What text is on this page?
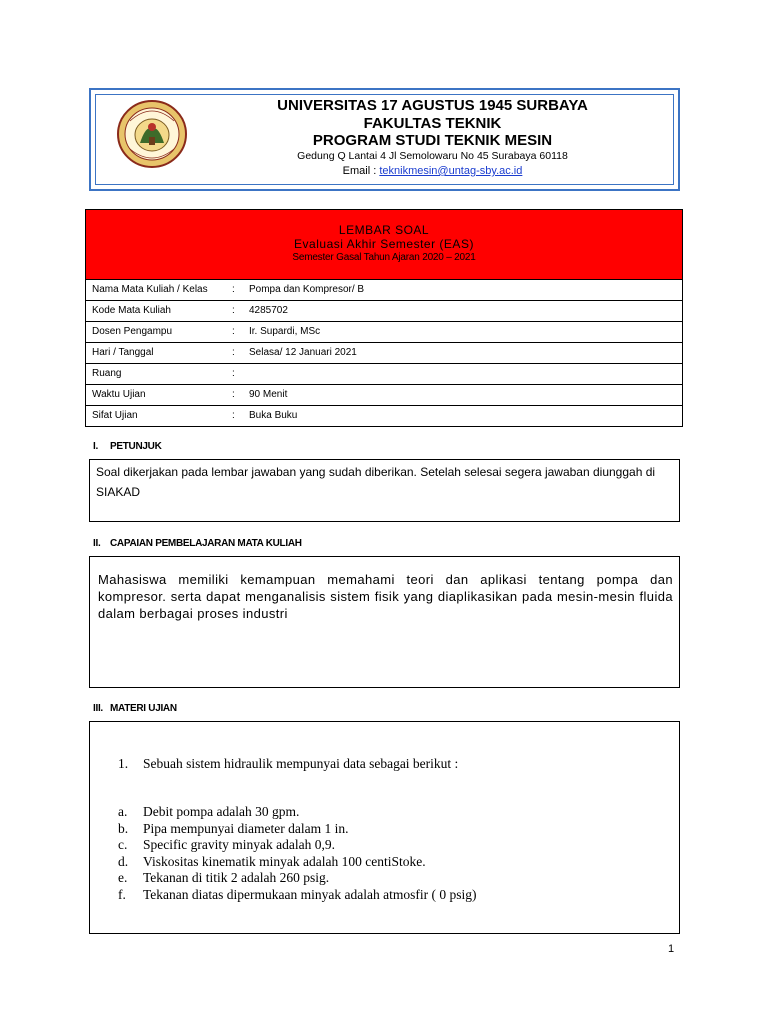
UNIVERSITAS 17 AGUSTUS 1945 SURBAYA
FAKULTAS TEKNIK
PROGRAM STUDI TEKNIK MESIN
Gedung Q Lantai 4 Jl Semolowaru No 45 Surabaya 60118
Email : teknikmesin@untag-sby.ac.id
LEMBAR SOAL
Evaluasi Akhir Semester (EAS)
Semester Gasal Tahun Ajaran 2020 – 2021
Nama Mata Kuliah / Kelas : Pompa dan Kompresor/ B
Kode Mata Kuliah	: 4285702
Dosen Pengampu	: Ir. Supardi, MSc
Hari / Tanggal	: Selasa/ 12 Januari 2021
Ruang	:
Waktu Ujian	: 90 Menit
Sifat Ujian	: Buka Buku
I. PETUNJUK

Soal dikerjakan pada lembar jawaban yang sudah diberikan. Setelah selesai segera jawaban diunggah di SIAKAD

II. CAPAIAN PEMBELAJARAN MATA KULIAH

Mahasiswa memiliki kemampuan memahami teori dan aplikasi tentang pompa dan kompresor. serta dapat menganalisis sistem fisik yang diaplikasikan pada mesin-mesin fluida dalam berbagai proses industri

III. MATERI UJIAN
1. Sebuah sistem hidraulik mempunyai data sebagai berikut :
a. Debit pompa adalah 30 gpm.
b. Pipa mempunyai diameter dalam 1 in.
c. Specific gravity minyak adalah 0,9.
d. Viskositas kinematik minyak adalah 100 centiStoke.
e. Tekanan di titik 2 adalah 260 psig.
f. Tekanan diatas dipermukaan minyak adalah atmosfir ( 0 psig)
1
